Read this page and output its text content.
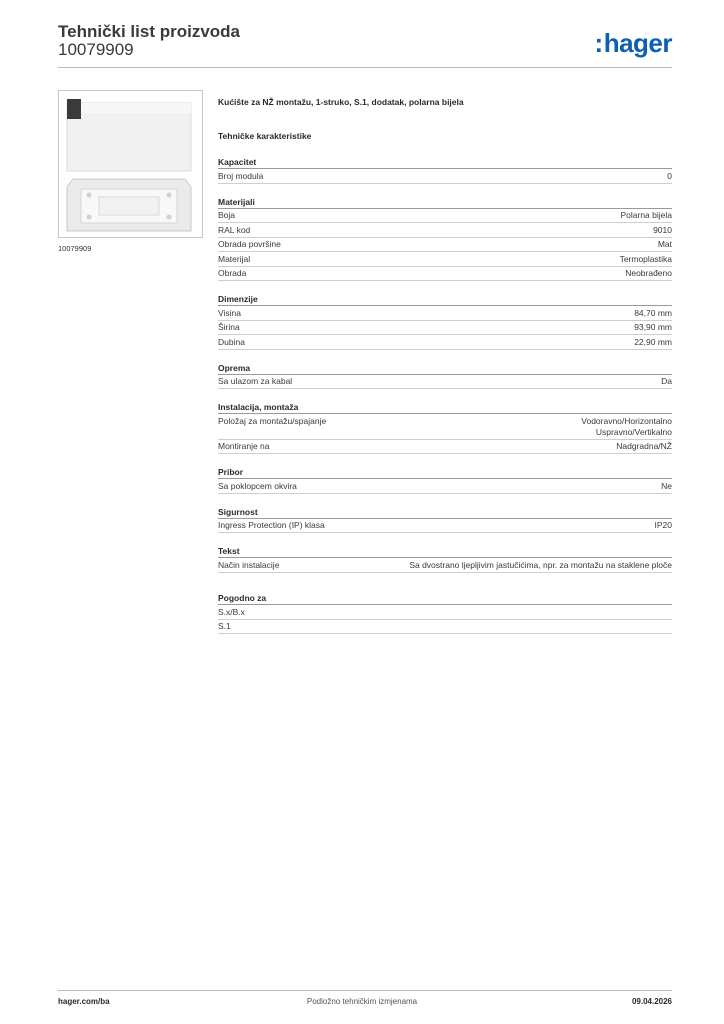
Tehnički list proizvoda
10079909	:hager
10079909
Kućište za NŽ montažu, 1-struko, S.1, dodatak, polarna bijela
Tehničke karakteristike
Kapacitet
Broj modula	0
Materijali
Boja	Polarna bijela
RAL kod	9010
Obrada površine	Mat
Materijal	Termoplastika
Obrada	Neobrađeno
Dimenzije
Visina	84,70 mm
Širina	93,90 mm
Dubina	22,90 mm
Oprema
Sa ulazom za kabal	Da
Instalacija, montaža
Položaj za montažu/spajanje	Vodoravno/Horizontalno
Uspravno/Vertikalno
Montiranje na	Nadgradna/NŽ
Pribor
Sa poklopcem okvira	Ne
Sigurnost
Ingress Protection (IP) klasa	IP20
Tekst
Način instalacije	Sa dvostrano ljepljivim jastučićima, npr. za montažu na staklene ploče
Pogodno za
S.x/B.x
S.1
hager.com/ba	Podložno tehničkim izmjenama	09.04.2026
